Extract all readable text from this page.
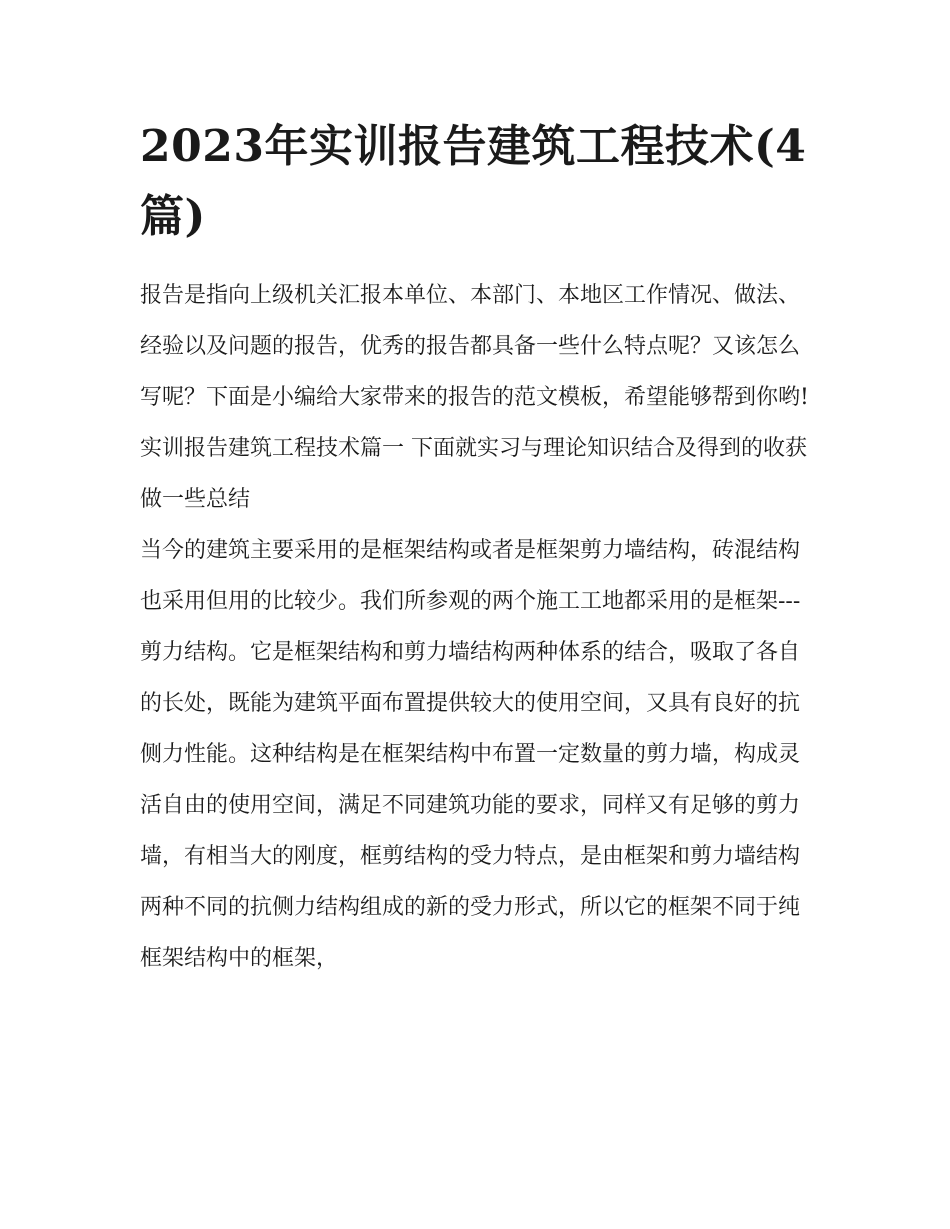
2023年实训报告建筑工程技术(4篇)

报告是指向上级机关汇报本单位、本部门、本地区工作情况、做法、经验以及问题的报告，优秀的报告都具备一些什么特点呢？又该怎么写呢？下面是小编给大家带来的报告的范文模板，希望能够帮到你哟!

实训报告建筑工程技术篇一 下面就实习与理论知识结合及得到的收获做一些总结

当今的建筑主要采用的是框架结构或者是框架剪力墙结构，砖混结构也采用但用的比较少。我们所参观的两个施工工地都采用的是框架---

剪力结构。它是框架结构和剪力墙结构两种体系的结合，吸取了各自的长处，既能为建筑平面布置提供较大的使用空间，又具有良好的抗侧力性能。这种结构是在框架结构中布置一定数量的剪力墙，构成灵活自由的使用空间，满足不同建筑功能的要求，同样又有足够的剪力墙，有相当大的刚度，框剪结构的受力特点，是由框架和剪力墙结构两种不同的抗侧力结构组成的新的受力形式，所以它的框架不同于纯框架结构中的框架，
